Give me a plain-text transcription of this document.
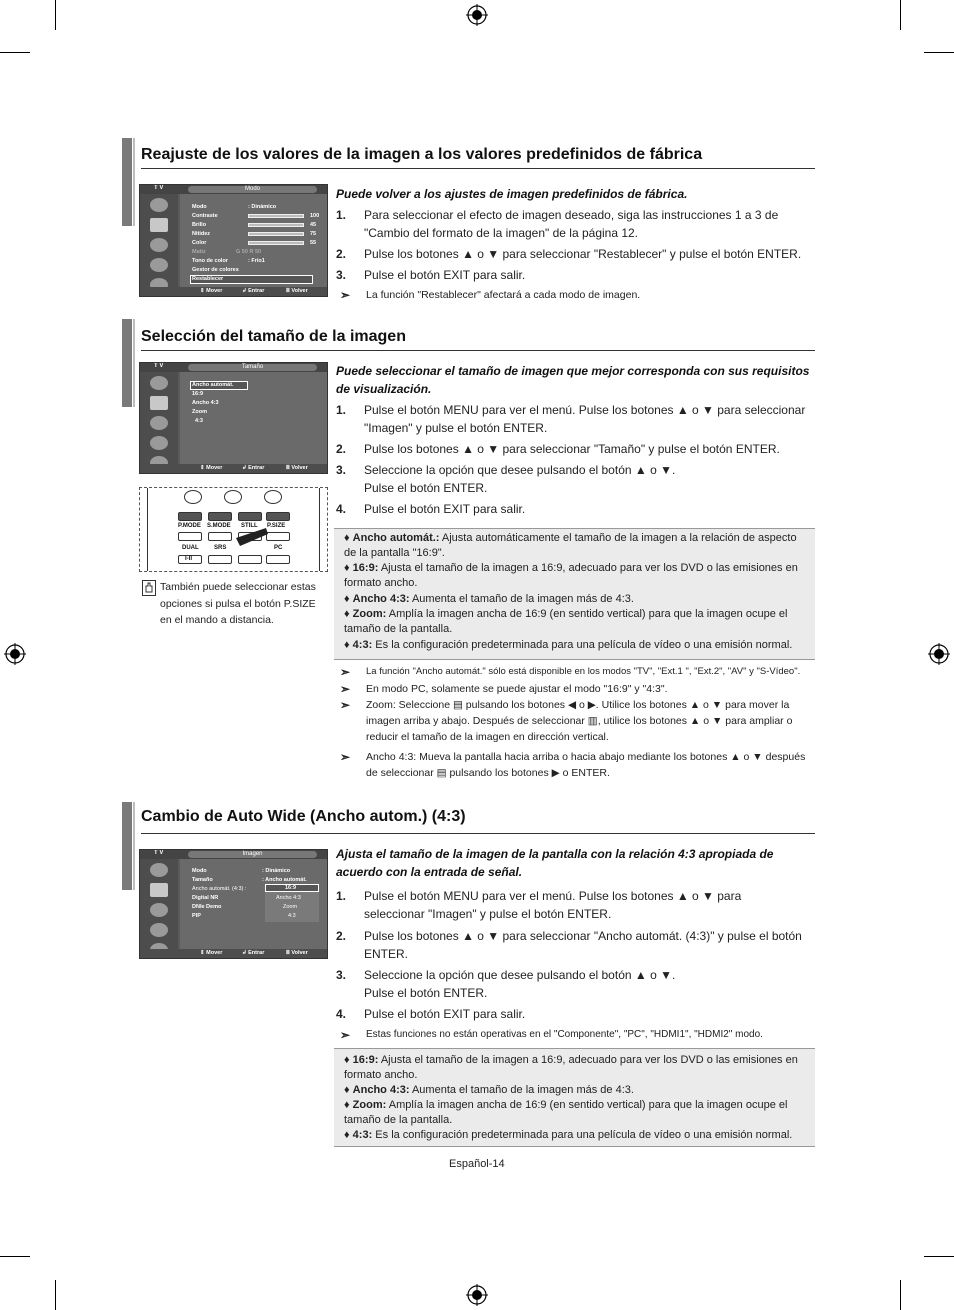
Reajuste de los valores de la imagen a los valores predefinidos de fábrica
T V	Modo
Modo	: Dinámico
Contraste	100
Brillo	45
Nitidez	75
Color	55
Matiz	G 50 R 50
Tono de color	: Frío1
Gestor de colores
Restablecer
⇕ Mover	↲ Entrar	Ⅲ Volver
Puede volver a los ajustes de imagen predefinidos de fábrica.
1. Para seleccionar el efecto de imagen deseado, siga las instrucciones 1 a 3 de "Cambio del formato de la imagen" de la página 12.
2. Pulse los botones ▲ o ▼ para seleccionar "Restablecer" y pulse el botón ENTER.
3. Pulse el botón EXIT para salir.
➣ La función "Restablecer" afectará a cada modo de imagen.
Selección del tamaño de la imagen
T V	Tamaño
Ancho automát.
16:9
Ancho 4:3
Zoom
4:3
⇕ Mover	↲ Entrar	Ⅲ Volver
P.MODE S.MODE STILL P.SIZE
DUAL	SRS	PC
I-II
También puede seleccionar estas opciones si pulsa el botón P.SIZE en el mando a distancia.
Puede seleccionar el tamaño de imagen que mejor corresponda con sus requisitos de visualización.
1. Pulse el botón MENU para ver el menú. Pulse los botones ▲ o ▼ para seleccionar "Imagen" y pulse el botón ENTER.
2. Pulse los botones ▲ o ▼ para seleccionar "Tamaño" y pulse el botón ENTER.
3. Seleccione la opción que desee pulsando el botón ▲ o ▼. Pulse el botón ENTER.
4. Pulse el botón EXIT para salir.
♦ Ancho automát.: Ajusta automáticamente el tamaño de la imagen a la relación de aspecto de la pantalla "16:9".
♦ 16:9: Ajusta el tamaño de la imagen a 16:9, adecuado para ver los DVD o las emisiones en formato ancho.
♦ Ancho 4:3: Aumenta el tamaño de la imagen más de 4:3.
♦ Zoom: Amplía la imagen ancha de 16:9 (en sentido vertical) para que la imagen ocupe el tamaño de la pantalla.
♦ 4:3: Es la configuración predeterminada para una película de vídeo o una emisión normal.
➣ La función "Ancho automát." sólo está disponible en los modos "TV", "Ext.1 ", "Ext.2", "AV" y "S-Vídeo".
➣ En modo PC, solamente se puede ajustar el modo "16:9" y "4:3".
➣ Zoom: Seleccione ▤ pulsando los botones ◀ o ▶. Utilice los botones ▲ o ▼ para mover la imagen arriba y abajo. Después de seleccionar ▥, utilice los botones ▲ o ▼ para ampliar o reducir el tamaño de la imagen en dirección vertical.
➣ Ancho 4:3: Mueva la pantalla hacia arriba o hacia abajo mediante los botones ▲ o ▼ después de seleccionar ▤ pulsando los botones ▶ o ENTER.
Cambio de Auto Wide (Ancho autom.) (4:3)
T V	Imagen
Modo	: Dinámico
Tamaño	: Ancho automát.
Ancho automát. (4:3) :	16:9
Digital NR	Ancho 4:3
DNIe Demo	Zoom
PIP	4:3
⇕ Mover	↲ Entrar	Ⅲ Volver
Ajusta el tamaño de la imagen de la pantalla con la relación 4:3 apropiada de acuerdo con la entrada de señal.
1. Pulse el botón MENU para ver el menú. Pulse los botones ▲ o ▼ para seleccionar "Imagen" y pulse el botón ENTER.
2. Pulse los botones ▲ o ▼ para seleccionar "Ancho automát. (4:3)" y pulse el botón ENTER.
3. Seleccione la opción que desee pulsando el botón ▲ o ▼. Pulse el botón ENTER.
4. Pulse el botón EXIT para salir.
➣ Estas funciones no están operativas en el "Componente", "PC", "HDMI1", "HDMI2" modo.
♦ 16:9: Ajusta el tamaño de la imagen a 16:9, adecuado para ver los DVD o las emisiones en formato ancho.
♦ Ancho 4:3: Aumenta el tamaño de la imagen más de 4:3.
♦ Zoom: Amplía la imagen ancha de 16:9 (en sentido vertical) para que la imagen ocupe el tamaño de la pantalla.
♦ 4:3: Es la configuración predeterminada para una película de vídeo o una emisión normal.
Español-14
